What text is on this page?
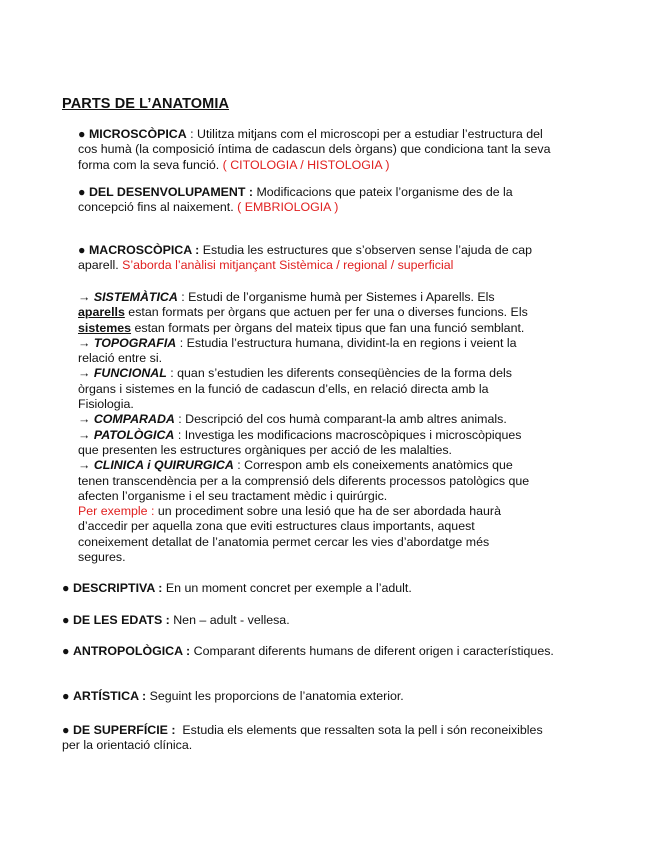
PARTS DE L’ANATOMIA
● MICROSCÒPICA : Utilitza mitjans com el microscopi per a estudiar l’estructura del
cos humà (la composició íntima de cadascun dels òrgans) que condiciona tant la seva
forma com la seva funció. ( CITOLOGIA / HISTOLOGIA )
● DEL DESENVOLUPAMENT : Modificacions que pateix l’organisme des de la
concepció fins al naixement. ( EMBRIOLOGIA )
● MACROSCÒPICA : Estudia les estructures que s’observen sense l’ajuda de cap
aparell. S’aborda l’anàlisi mitjançant Sistèmica / regional / superficial
→ SISTEMÀTICA : Estudi de l’organisme humà per Sistemes i Aparells. Els
aparells estan formats per òrgans que actuen per fer una o diverses funcions. Els
sistemes estan formats per òrgans del mateix tipus que fan una funció semblant.
→ TOPOGRAFIA : Estudia l’estructura humana, dividint-la en regions i veient la
relació entre si.
→ FUNCIONAL : quan s’estudien les diferents conseqüències de la forma dels
òrgans i sistemes en la funció de cadascun d’ells, en relació directa amb la
Fisiologia.
→ COMPARADA : Descripció del cos humà comparant-la amb altres animals.
→ PATOLÒGICA : Investiga les modificacions macroscòpiques i microscòpiques
que presenten les estructures orgàniques per acció de les malalties.
→ CLINICA i QUIRURGICA : Correspon amb els coneixements anatòmics que
tenen transcendència per a la comprensió dels diferents processos patològics que
afecten l’organisme i el seu tractament mèdic i quirúrgic.
Per exemple : un procediment sobre una lesió que ha de ser abordada haurà
d’accedir per aquella zona que eviti estructures claus importants, aquest
coneixement detallat de l’anatomia permet cercar les vies d’abordatge més
segures.
● DESCRIPTIVA : En un moment concret per exemple a l’adult.
● DE LES EDATS : Nen – adult - vellesa.
● ANTROPOLÒGICA : Comparant diferents humans de diferent origen i característiques.
● ARTÍSTICA : Seguint les proporcions de l’anatomia exterior.
● DE SUPERFÍCIE : Estudia els elements que ressalten sota la pell i són reconeixibles
per la orientació clínica.
